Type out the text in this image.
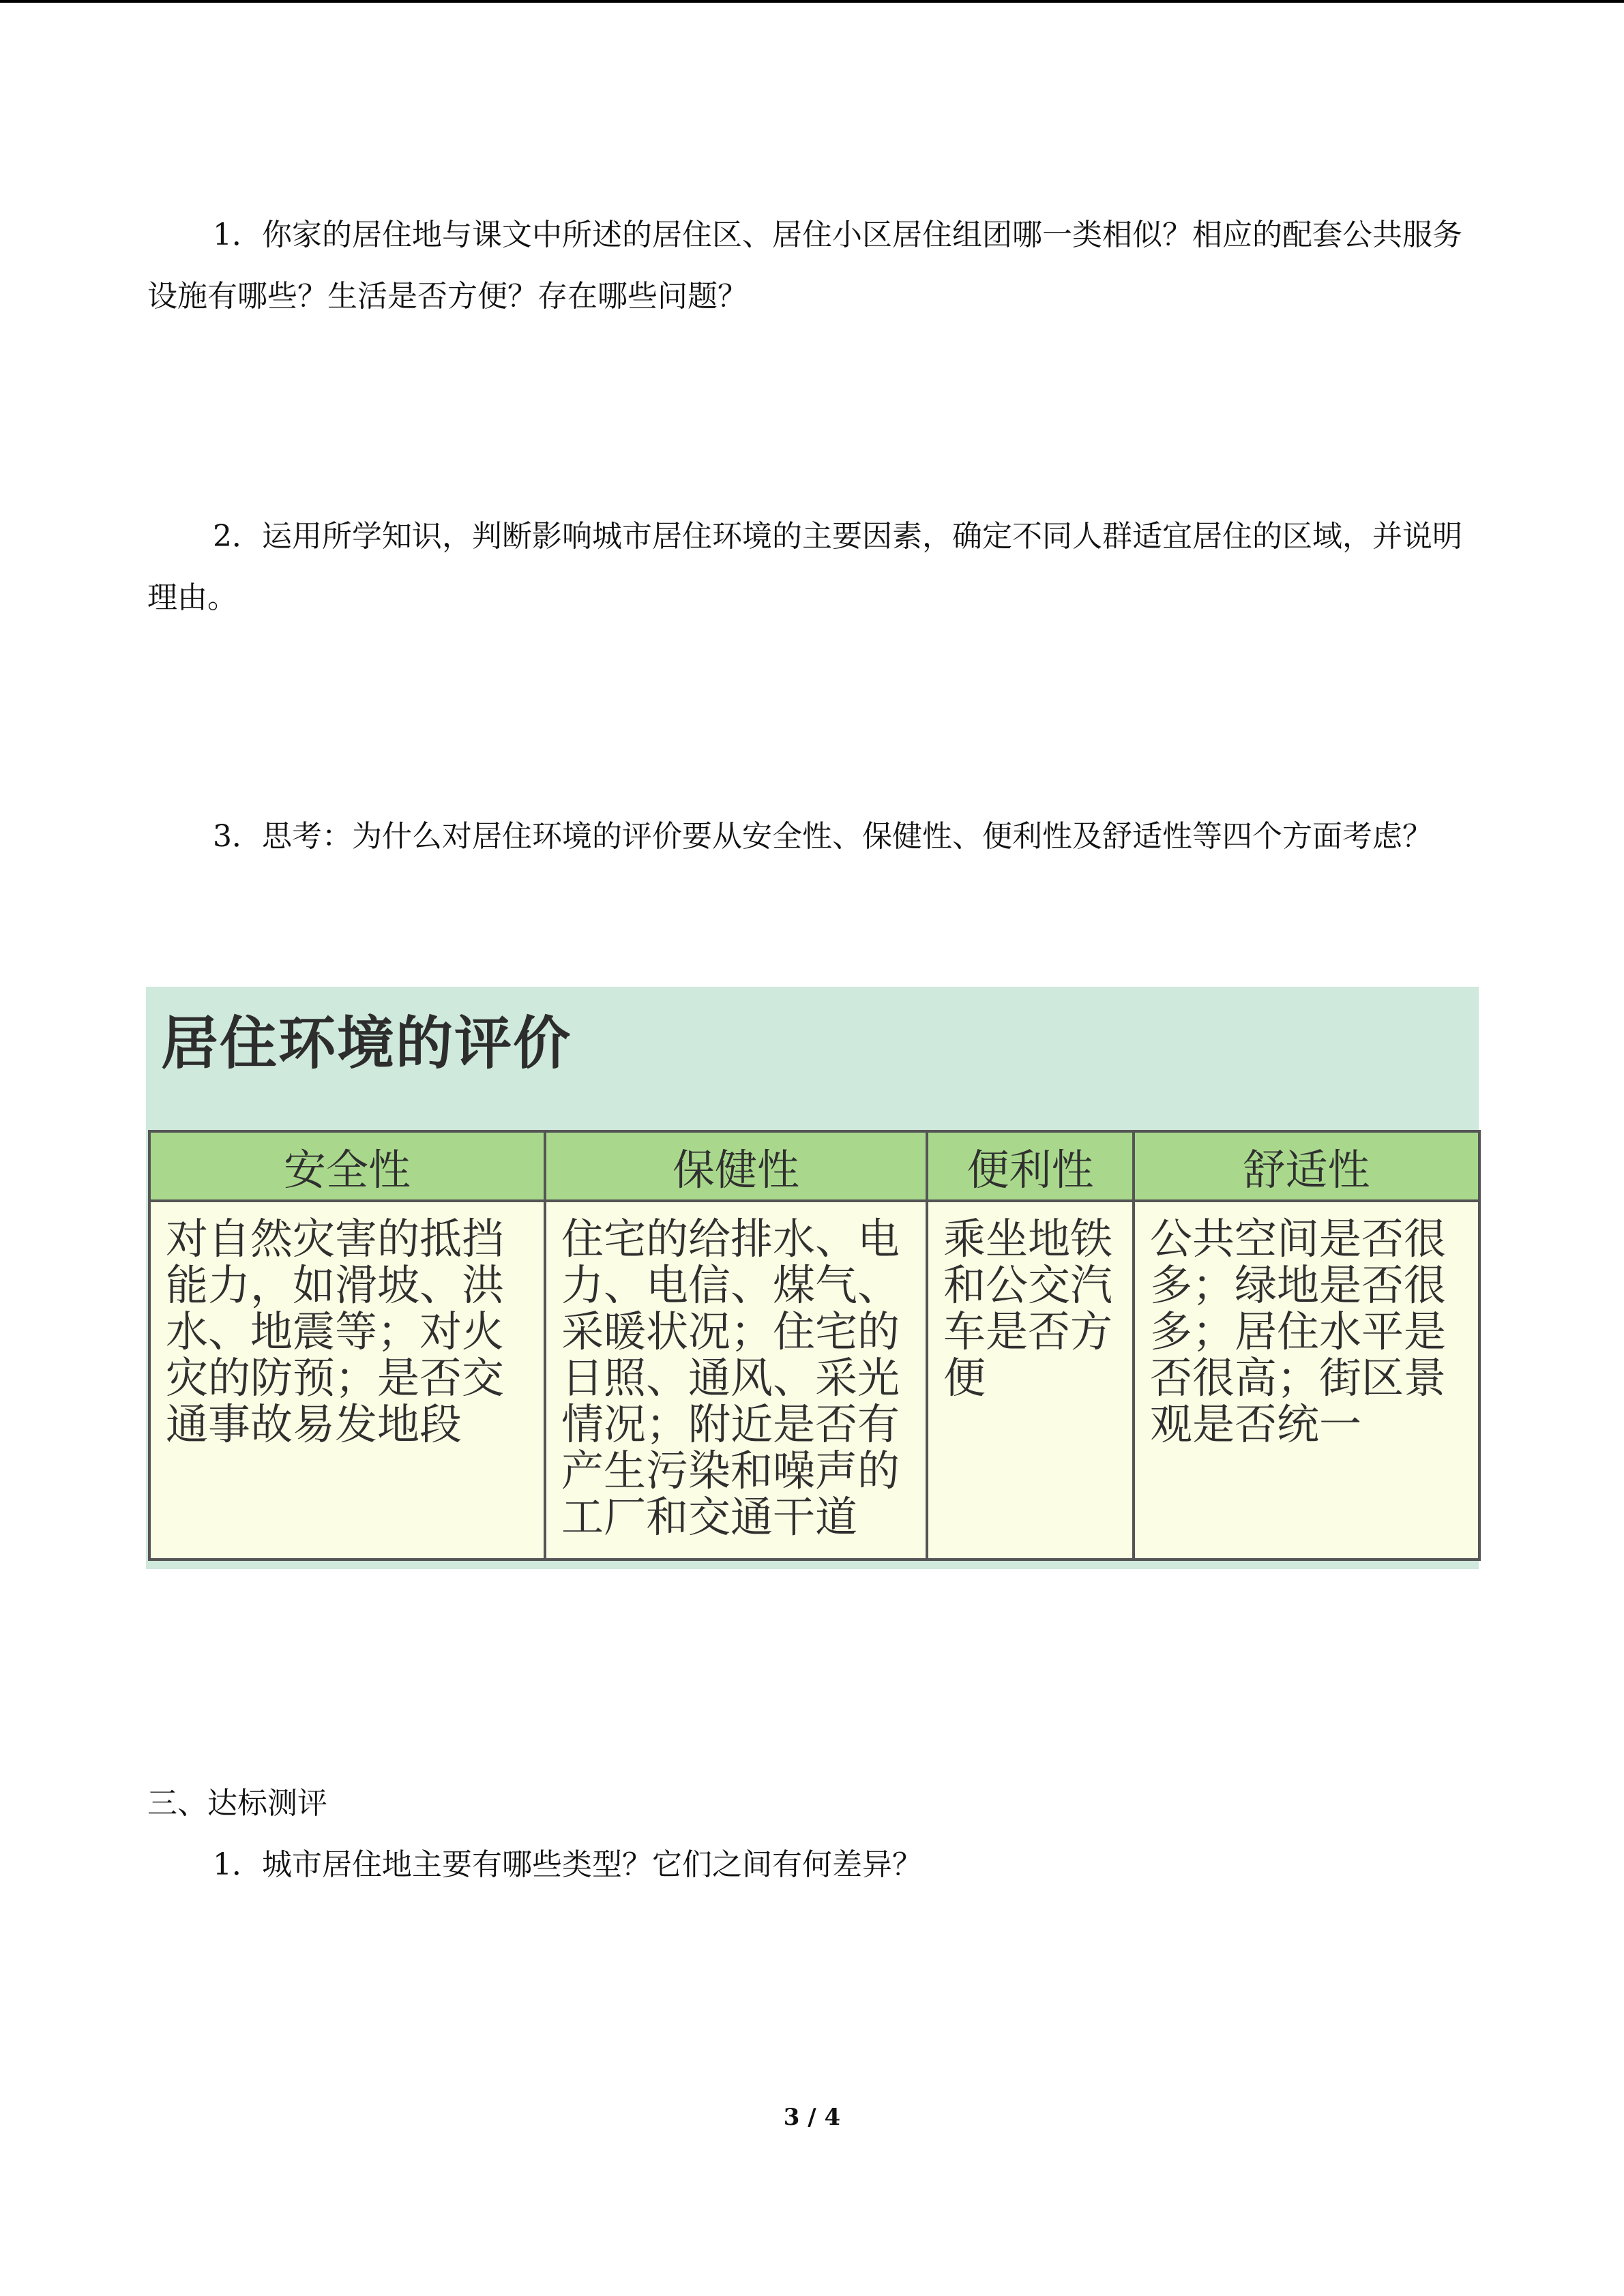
1．你家的居住地与课文中所述的居住区、居住小区居住组团哪一类相似？相应的配套公共服务设施有哪些？生活是否方便？存在哪些问题？

2．运用所学知识，判断影响城市居住环境的主要因素，确定不同人群适宜居住的区域，并说明理由。

3．思考：为什么对居住环境的评价要从安全性、保健性、便利性及舒适性等四个方面考虑？

居住环境的评价
安全性	保健性	便利性	舒适性
对自然灾害的抵挡能力，如滑坡、洪水、地震等；对火灾的防预；是否交通事故易发地段	住宅的给排水、电力、电信、煤气、采暖状况；住宅的日照、通风、采光情况；附近是否有产生污染和噪声的工厂和交通干道	乘坐地铁和公交汽车是否方便	公共空间是否很多；绿地是否很多；居住水平是否很高；街区景观是否统一

三、达标测评

1．城市居住地主要有哪些类型？它们之间有何差异？

3 / 4
